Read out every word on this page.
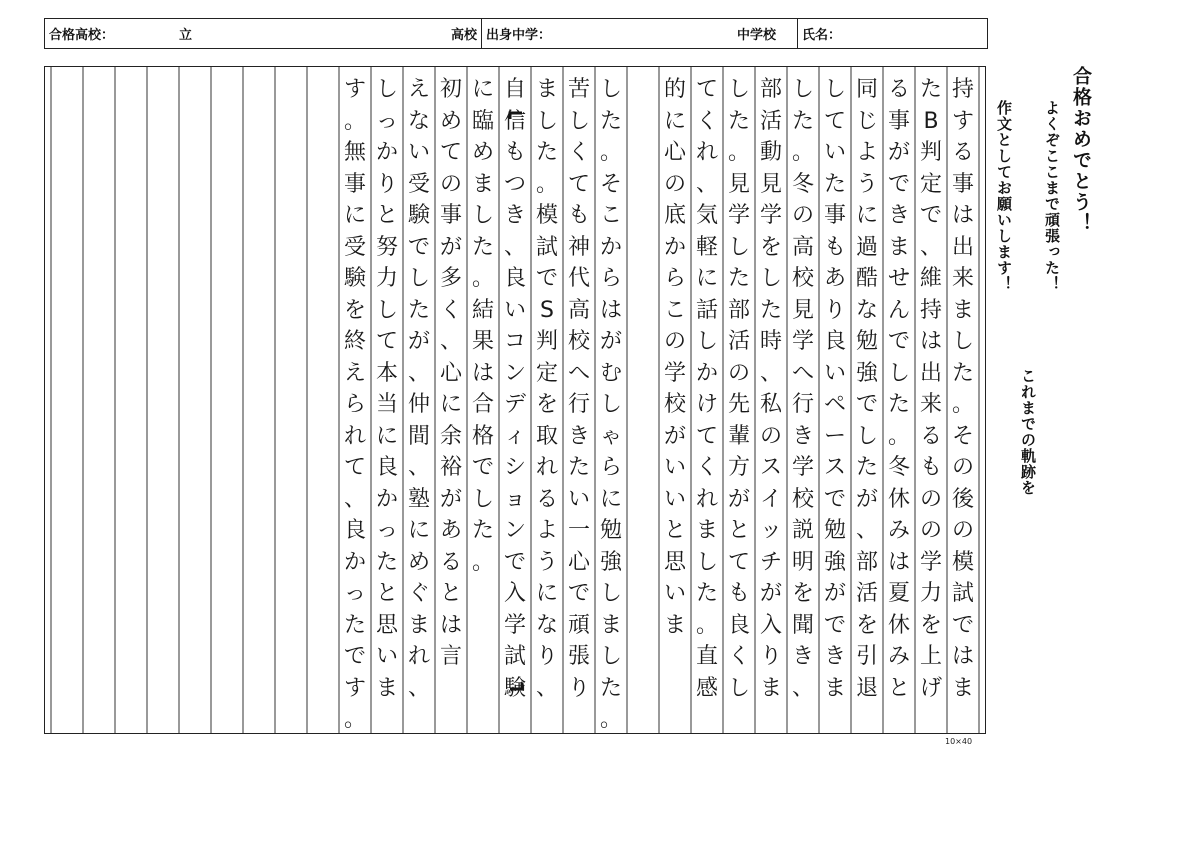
合格高校：	立	高校 出身中学：	中学校 氏名：
持
す
る
事
は
出
来
ま
し
た
。
そ
の
後
の
模
試
で
は
ま
た
B
判
定
で
、
維
持
は
出
来
る
も
の
の
学
力
を
上
げ
る
事
が
で
き
ま
せ
ん
で
し
た
。
冬
休
み
は
夏
休
み
と
同
じ
よ
う
に
過
酷
な
勉
強
で
し
た
が
、
部
活
を
引
退
し
て
い
た
事
も
あ
り
良
い
ペ
ー
ス
で
勉
強
が
で
き
ま
し
た
。
冬
の
高
校
見
学
へ
行
き
学
校
説
明
を
聞
き
、
部
活
動
見
学
を
し
た
時
、
私
の
ス
イ
ッ
チ
が
入
り
ま
し
た
。
見
学
し
た
部
活
の
先
輩
方
が
と
て
も
良
く
し
て
く
れ
、
気
軽
に
話
し
か
け
て
く
れ
ま
し
た
。
直
感
的
に
心
の
底
か
ら
こ
の
学
校
が
い
い
と
思
い
ま
し
た
。
そ
こ
か
ら
は
が
む
し
ゃ
ら
に
勉
強
し
ま
し
た
。
苦
し
く
て
も
神
代
高
校
へ
行
き
た
い
一
心
で
頑
張
り
ま
し
た
。
模
試
で
S
判
定
を
取
れ
る
よ
う
に
な
り
、
自
信
も
つ
き
、
良
い
コ
ン
デ
ィ
シ
ョ
ン
で
入
学
試
験
に
臨
め
ま
し
た
。
結
果
は
合
格
で
し
た
。
初
め
て
の
事
が
多
く
、
心
に
余
裕
が
あ
る
と
は
言
え
な
い
受
験
で
し
た
が
、
仲
間
、
塾
に
め
ぐ
ま
れ
、
し
っ
か
り
と
努
力
し
て
本
当
に
良
か
っ
た
と
思
い
ま
す
。
無
事
に
受
験
を
終
え
ら
れ
て
、
良
か
っ
た
で
す
。
10×40
合格おめでとう！
よくぞここまで頑張った！
これまでの軌跡を
作文としてお願いします！
